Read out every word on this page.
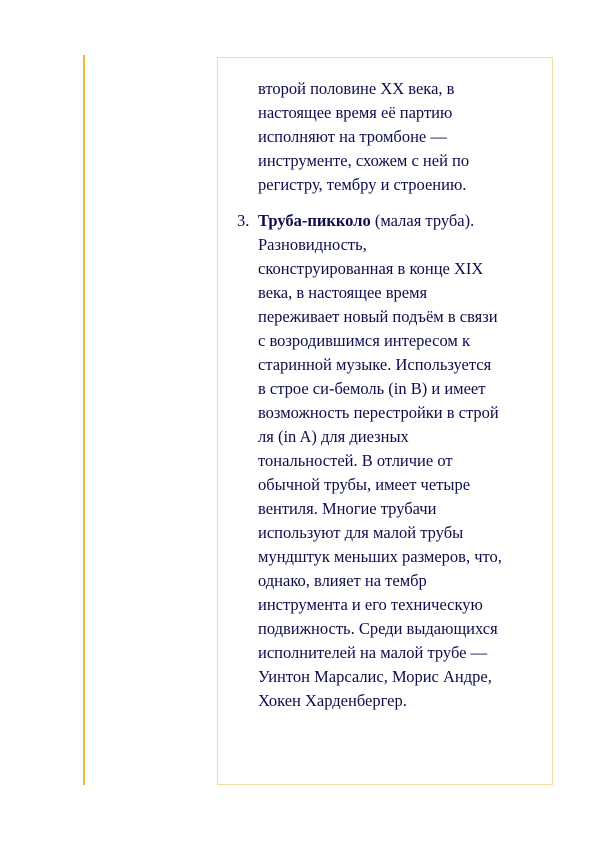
второй половине XX века, в
настоящее время её партию
исполняют на тромбоне —
инструменте, схожем с ней по
регистру, тембру и строению.
3. Труба-пикколо (малая труба).
Разновидность,
сконструированная в конце XIX
века, в настоящее время
переживает новый подъём в связи
с возродившимся интересом к
старинной музыке. Используется
в строе си-бемоль (in B) и имеет
возможность перестройки в строй
ля (in A) для диезных
тональностей. В отличие от
обычной трубы, имеет четыре
вентиля. Многие трубачи
используют для малой трубы
мундштук меньших размеров, что,
однако, влияет на тембр
инструмента и его техническую
подвижность. Среди выдающихся
исполнителей на малой трубе —
Уинтон Марсалис, Морис Андре,
Хокен Харденбергер.
